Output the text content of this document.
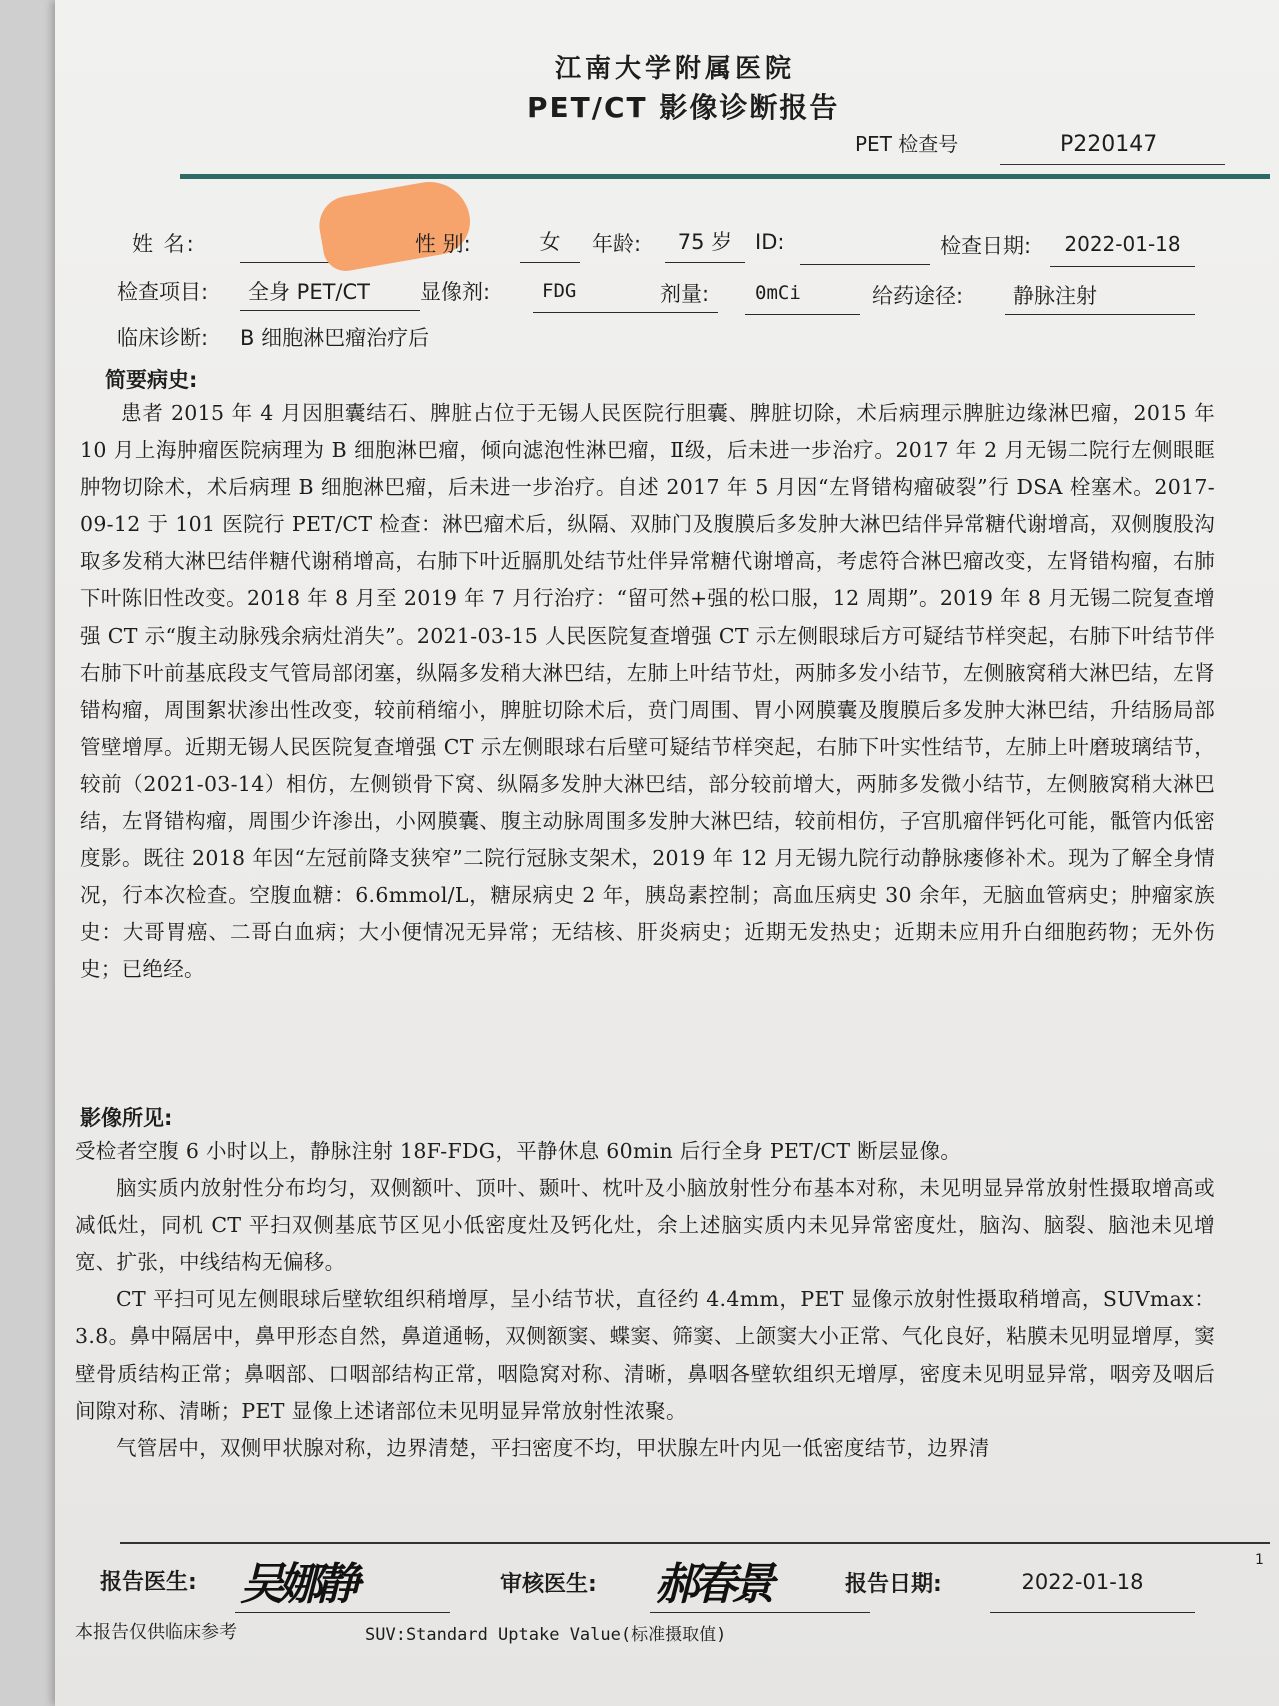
江南大学附属医院
PET/CT 影像诊断报告
PET 检查号	P220147
姓 名:	性 别:	女	年龄:	75 岁	ID:	检查日期:	2022-01-18
检查项目:	全身 PET/CT	显像剂:	FDG	剂量: 0mCi	给药途径:	静脉注射
临床诊断: B 细胞淋巴瘤治疗后
简要病史:

患者 2015 年 4 月因胆囊结石、脾脏占位于无锡人民医院行胆囊、脾脏切除，术后病理示脾脏边缘淋巴瘤，2015 年 10 月上海肿瘤医院病理为 B 细胞淋巴瘤，倾向滤泡性淋巴瘤，Ⅱ级，后未进一步治疗。2017 年 2 月无锡二院行左侧眼眶肿物切除术，术后病理 B 细胞淋巴瘤，后未进一步治疗。自述 2017 年 5 月因“左肾错构瘤破裂”行 DSA 栓塞术。2017-09-12 于 101 医院行 PET/CT 检查：淋巴瘤术后，纵隔、双肺门及腹膜后多发肿大淋巴结伴异常糖代谢增高，双侧腹股沟取多发稍大淋巴结伴糖代谢稍增高，右肺下叶近膈肌处结节灶伴异常糖代谢增高，考虑符合淋巴瘤改变，左肾错构瘤，右肺下叶陈旧性改变。2018 年 8 月至 2019 年 7 月行治疗：“留可然+强的松口服，12 周期”。2019 年 8 月无锡二院复查增强 CT 示“腹主动脉残余病灶消失”。2021-03-15 人民医院复查增强 CT 示左侧眼球后方可疑结节样突起，右肺下叶结节伴右肺下叶前基底段支气管局部闭塞，纵隔多发稍大淋巴结，左肺上叶结节灶，两肺多发小结节，左侧腋窝稍大淋巴结，左肾错构瘤，周围絮状渗出性改变，较前稍缩小，脾脏切除术后，贲门周围、胃小网膜囊及腹膜后多发肿大淋巴结，升结肠局部管壁增厚。近期无锡人民医院复查增强 CT 示左侧眼球右后壁可疑结节样突起，右肺下叶实性结节，左肺上叶磨玻璃结节，较前（2021-03-14）相仿，左侧锁骨下窝、纵隔多发肿大淋巴结，部分较前增大，两肺多发微小结节，左侧腋窝稍大淋巴结，左肾错构瘤，周围少许渗出，小网膜囊、腹主动脉周围多发肿大淋巴结，较前相仿，子宫肌瘤伴钙化可能，骶管内低密度影。既往 2018 年因“左冠前降支狭窄”二院行冠脉支架术，2019 年 12 月无锡九院行动静脉瘘修补术。现为了解全身情况，行本次检查。空腹血糖：6.6mmol/L，糖尿病史 2 年，胰岛素控制；高血压病史 30 余年，无脑血管病史；肿瘤家族史：大哥胃癌、二哥白血病；大小便情况无异常；无结核、肝炎病史；近期无发热史；近期未应用升白细胞药物；无外伤史；已绝经。

影像所见:

受检者空腹 6 小时以上，静脉注射 18F-FDG，平静休息 60min 后行全身 PET/CT 断层显像。

脑实质内放射性分布均匀，双侧额叶、顶叶、颞叶、枕叶及小脑放射性分布基本对称，未见明显异常放射性摄取增高或减低灶，同机 CT 平扫双侧基底节区见小低密度灶及钙化灶，余上述脑实质内未见异常密度灶，脑沟、脑裂、脑池未见增宽、扩张，中线结构无偏移。

CT 平扫可见左侧眼球后壁软组织稍增厚，呈小结节状，直径约 4.4mm，PET 显像示放射性摄取稍增高，SUVmax：3.8。鼻中隔居中，鼻甲形态自然，鼻道通畅，双侧额窦、蝶窦、筛窦、上颌窦大小正常、气化良好，粘膜未见明显增厚，窦壁骨质结构正常；鼻咽部、口咽部结构正常，咽隐窝对称、清晰，鼻咽各壁软组织无增厚，密度未见明显异常，咽旁及咽后间隙对称、清晰；PET 显像上述诸部位未见明显异常放射性浓聚。

气管居中，双侧甲状腺对称，边界清楚，平扫密度不均，甲状腺左叶内见一低密度结节，边界清

报告医生: 吴娜静	审核医生: 郝春景	报告日期:	2022-01-18
本报告仅供临床参考	SUV:Standard Uptake Value(标准摄取值)
1
